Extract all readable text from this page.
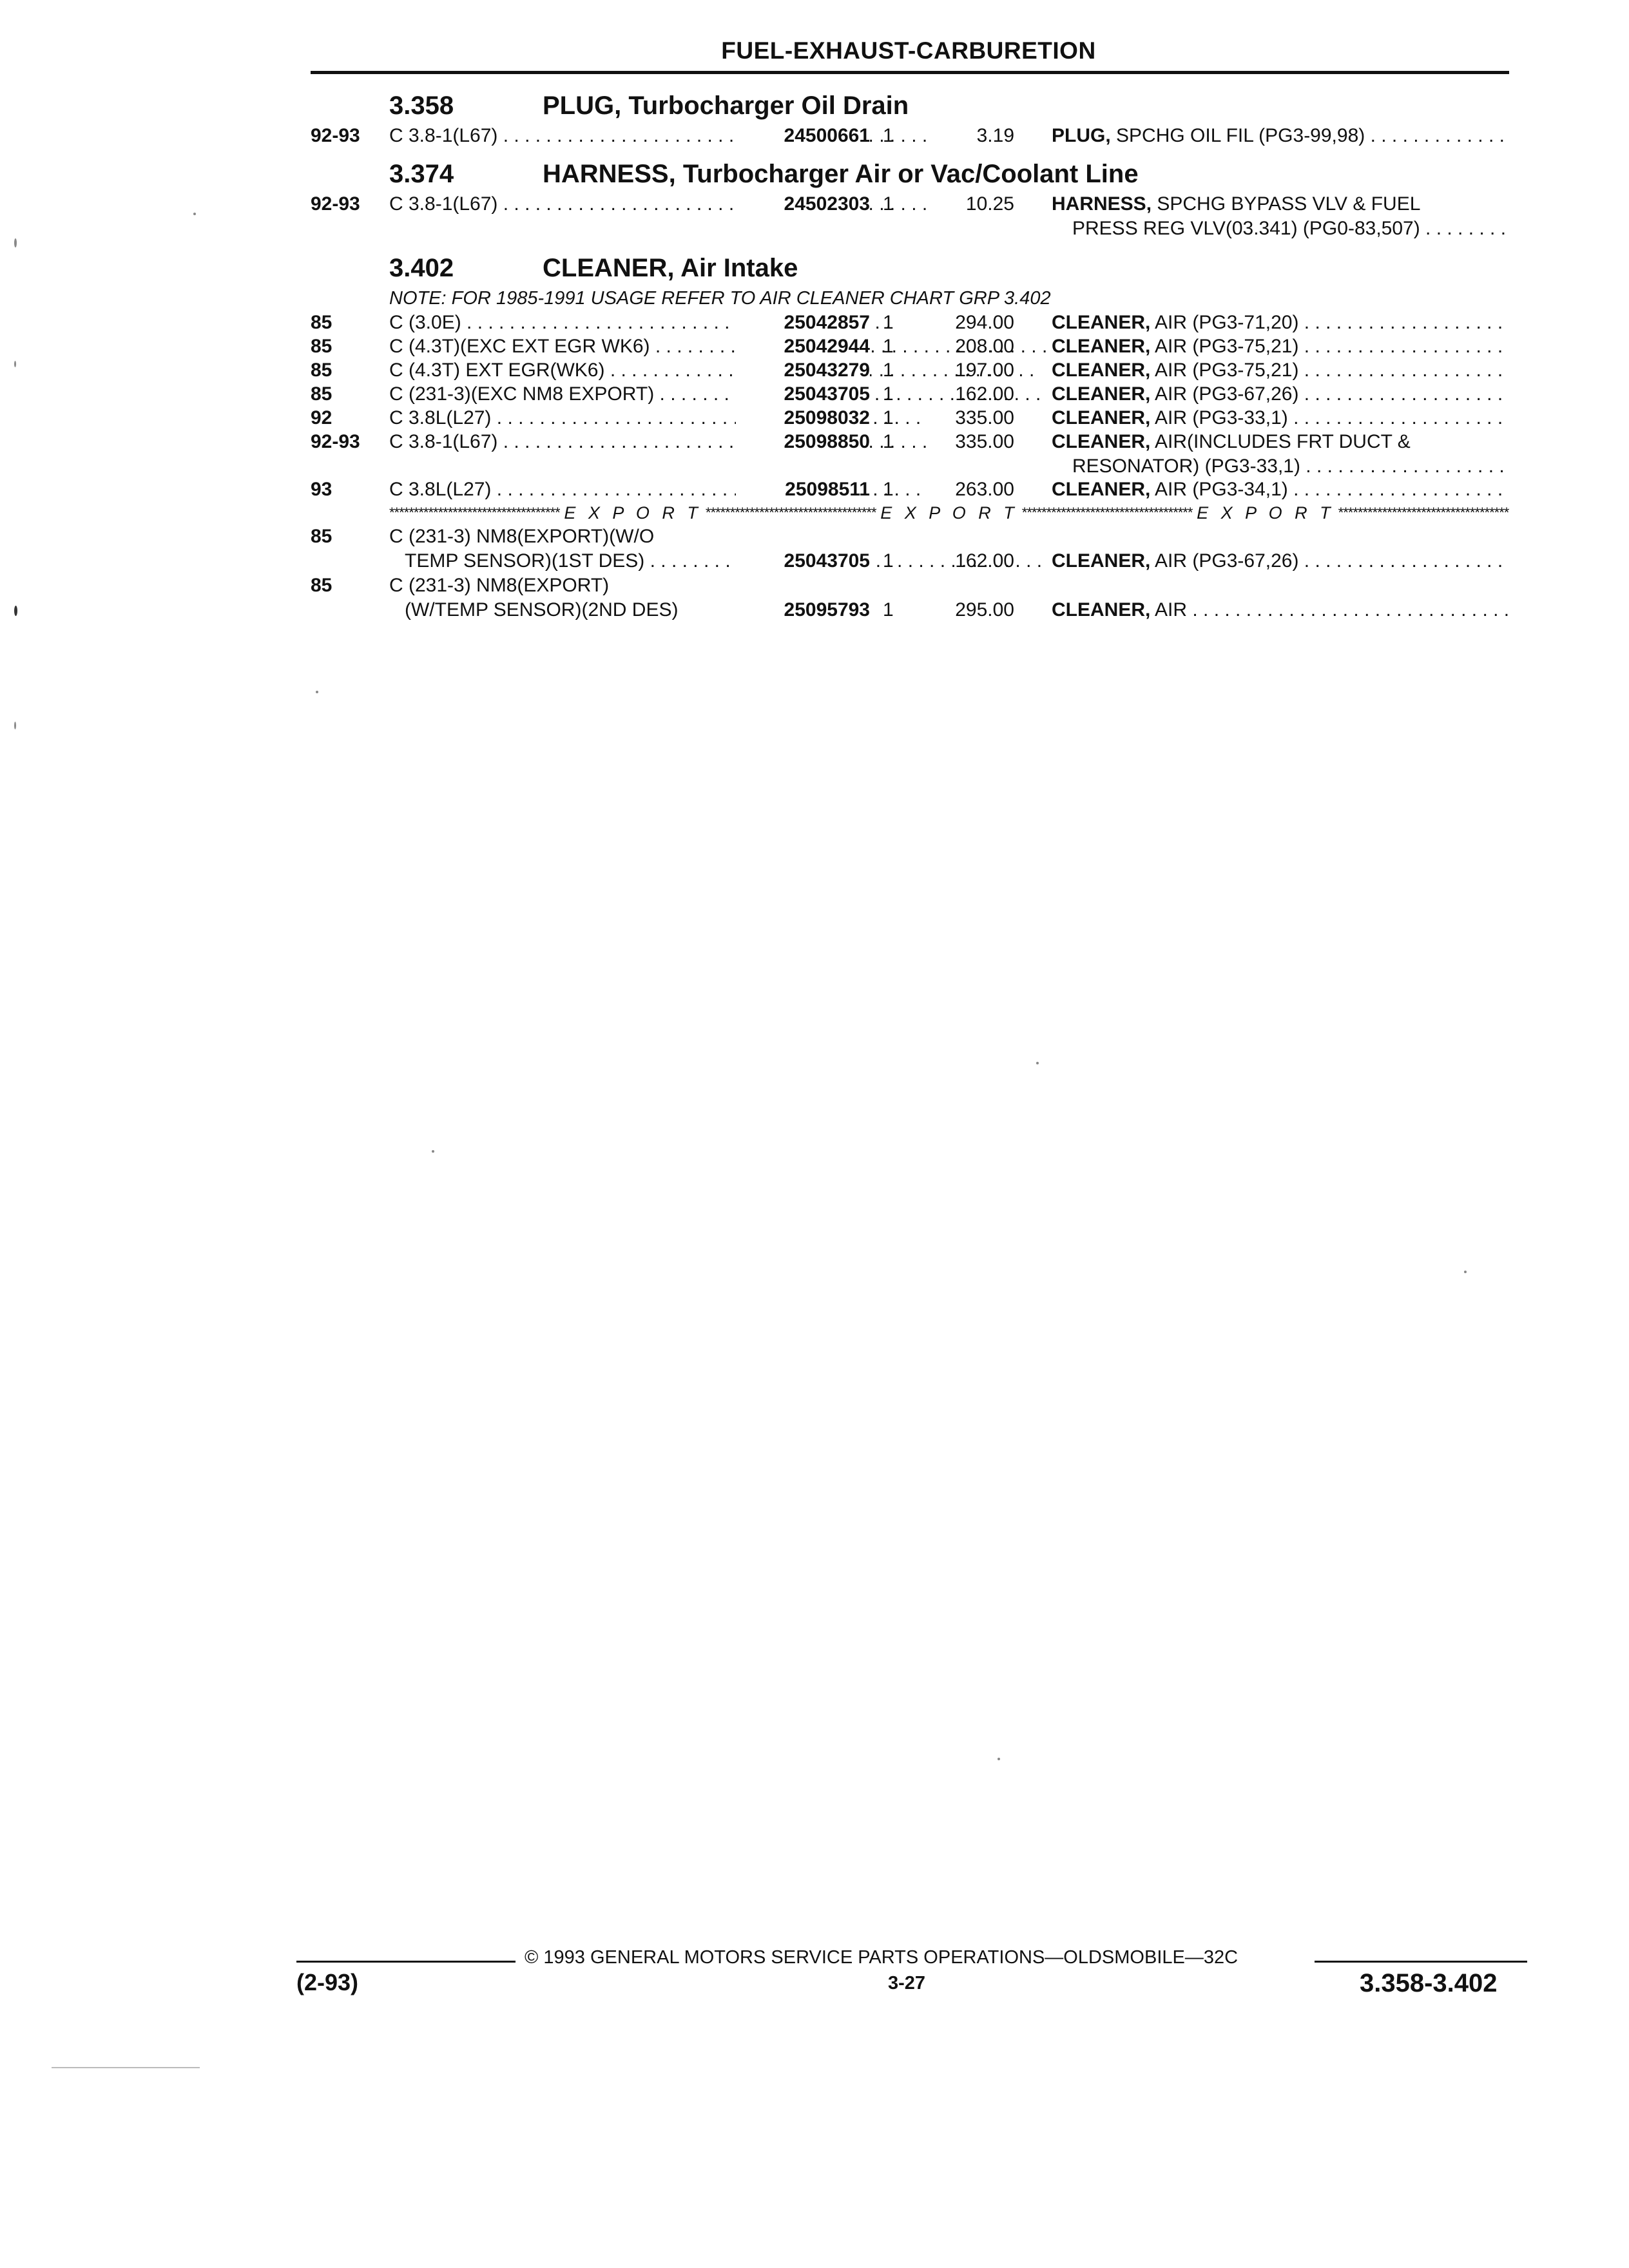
FUEL-EXHAUST-CARBURETION
3.358	PLUG, Turbocharger Oil Drain
92-93 C 3.8-1(L67) . . .	24500661 1	3.19 PLUG, SPCHG OIL FIL (PG3-99,98) . . .
3.374	HARNESS, Turbocharger Air or Vac/Coolant Line
92-93 C 3.8-1(L67) . . .	24502303 1	10.25 HARNESS, SPCHG BYPASS VLV & FUEL
PRESS REG VLV(03.341) (PG0-83,507) . . .
3.402	CLEANER, Air Intake
NOTE: FOR 1985-1991 USAGE REFER TO AIR CLEANER CHART GRP 3.402
85	C (3.0E) . . .	25042857 1	294.00 CLEANER, AIR (PG3-71,20) . . .
85	C (4.3T)(EXC EXT EGR WK6) . . .	25042944 1	208.00 CLEANER, AIR (PG3-75,21) . . .
85	C (4.3T) EXT EGR(WK6) . . .	25043279 1	197.00 CLEANER, AIR (PG3-75,21) . . .
85	C (231-3)(EXC NM8 EXPORT) . . .	25043705 1	162.00 CLEANER, AIR (PG3-67,26) . . .
92	C 3.8L(L27) . . .	25098032 1	335.00 CLEANER, AIR (PG3-33,1) . . .
92-93 C 3.8-1(L67) . . .	25098850 1	335.00 CLEANER, AIR(INCLUDES FRT DUCT &
RESONATOR) (PG3-33,1) . . .
93	C 3.8L(L27) . . .	25098511 1	263.00 CLEANER, AIR (PG3-34,1) . . .
*****
E X P O R T *****	E X P O R T *****	E X P O R T
*****
85	C (231-3) NM8(EXPORT)(W/O
TEMP SENSOR)(1ST DES) . . .	25043705 1	162.00 CLEANER, AIR (PG3-67,26) . . .
85	C (231-3) NM8(EXPORT)
(W/TEMP SENSOR)(2ND DES)	25095793 1	295.00 CLEANER, AIR . . .
© 1993 GENERAL MOTORS SERVICE PARTS OPERATIONS—OLDSMOBILE—32C
(2-93)	3-27	3.358-3.402
